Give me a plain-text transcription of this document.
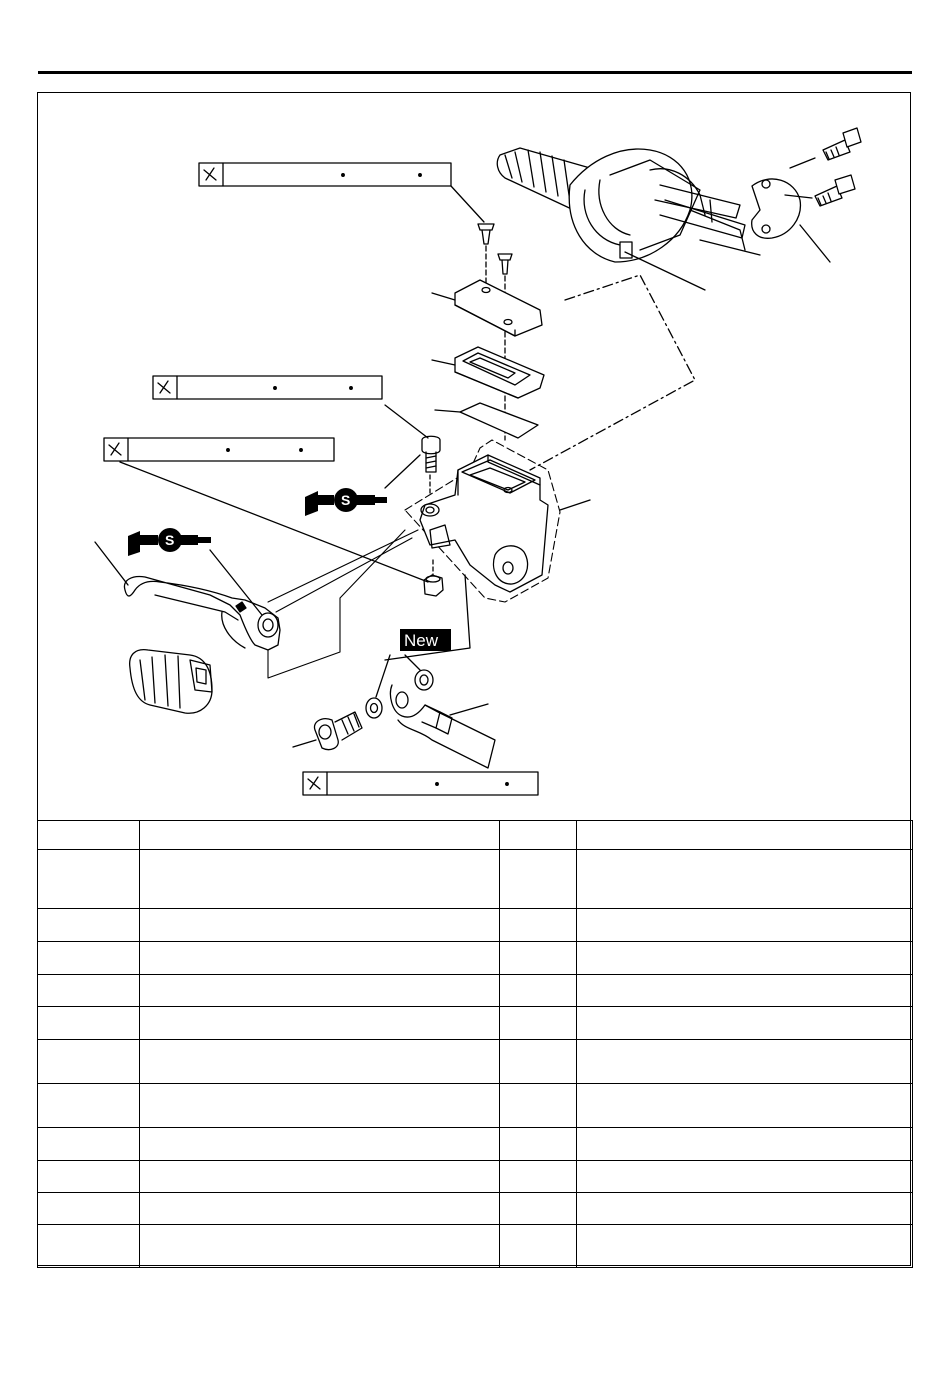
S
S
New
